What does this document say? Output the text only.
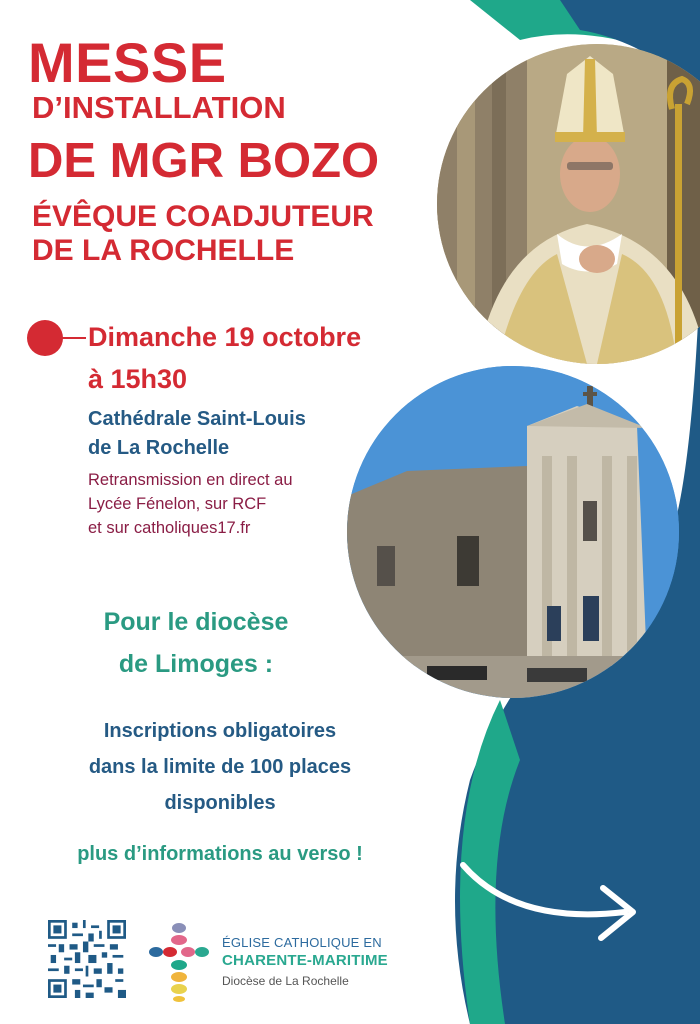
MESSE
D’INSTALLATION
DE MGR BOZO
ÉVÊQUE COADJUTEUR
DE LA ROCHELLE
Dimanche 19 octobre
à 15h30
Cathédrale Saint-Louis
de La Rochelle
Retransmission en direct au
Lycée Fénelon, sur RCF
et sur catholiques17.fr
Pour le diocèse
de Limoges :
Inscriptions obligatoires
dans la limite de 100 places
disponibles
plus d’informations au verso !
ÉGLISE CATHOLIQUE EN
CHARENTE-MARITIME
Diocèse de La Rochelle
